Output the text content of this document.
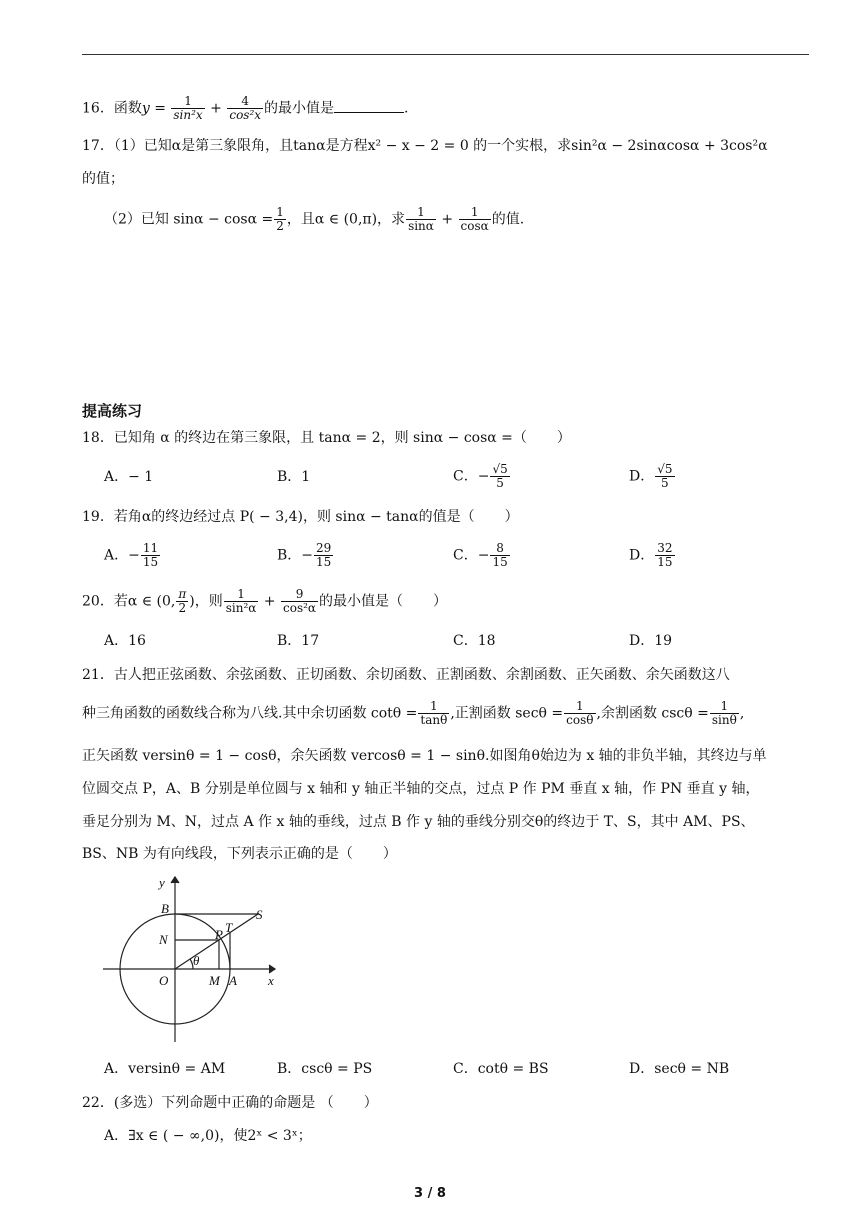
16．函数$y = \frac{1}{\text{sin²x}} + \frac{4}{\text{cos²x}}$ 的最小值是	.
17．（1）已知α是第三象限角，且tanα是方程x² − x − 2 = 0 的一个实根，求sin²α − 2sinαcosα + 3cos²α
的值；
（2）已知 $\sin\alpha - \cos\alpha = \frac{1}{2}$ ，且α ∈ (0,π)，求 $\frac{1}{\sin\alpha} + \frac{1}{\cos\alpha}$ 的值.
提高练习
18．已知角 α 的终边在第三象限，且 tanα = 2，则 sinα − cosα =（ ）
A．− 1	B．1	C．− $\frac{√5}{5}$	D． $\frac{√5}{5}$
19．若角α的终边经过点 P( − 3,4)，则 sinα − tanα的值是（ ）
A．− $\frac{11}{15}$	B．− $\frac{29}{15}$	C．− $\frac{8}{15}$	D． $\frac{32}{15}$
20．若α ∈ (0, $\frac{\pi}{2}$ )，则 $\frac{1}{\text{sin²α}} + \frac{9}{\text{cos²α}}$ 的最小值是（ ）
A．16	B．17	C．18	D．19
21．古人把正弦函数、余弦函数、正切函数、余切函数、正割函数、余割函数、正矢函数、余矢函数这八
种三角函数的函数线合称为八线.其中余切函数 $\cot\theta = \frac{1}{\tan\theta}$ ,正割函数 $\sec\theta = \frac{1}{\cos\theta}$ ,余割函数 $\csc\theta = \frac{1}{\sin\theta}$ ,
正矢函数 versinθ = 1 − cosθ，余矢函数 vercosθ = 1 − sinθ.如图角θ始边为 x 轴的非负半轴，其终边与单
位圆交点 P，A、B 分别是单位圆与 x 轴和 y 轴正半轴的交点，过点 P 作 PM 垂直 x 轴，作 PN 垂直 y 轴，
垂足分别为 M、N，过点 A 作 x 轴的垂线，过点 B 作 y 轴的垂线分别交θ的终边于 T、S，其中 AM、PS、
BS、NB 为有向线段，下列表示正确的是（ ）
y
x
B
N	P T
S
O	M A
θ
A．versinθ = AM	B．cscθ = PS	C．cotθ = BS	D．secθ = NB
22．(多选）下列命题中正确的命题是 （ ）
A．∃x ∈ ( − ∞,0)，使2ˣ < 3ˣ；
3 / 8
